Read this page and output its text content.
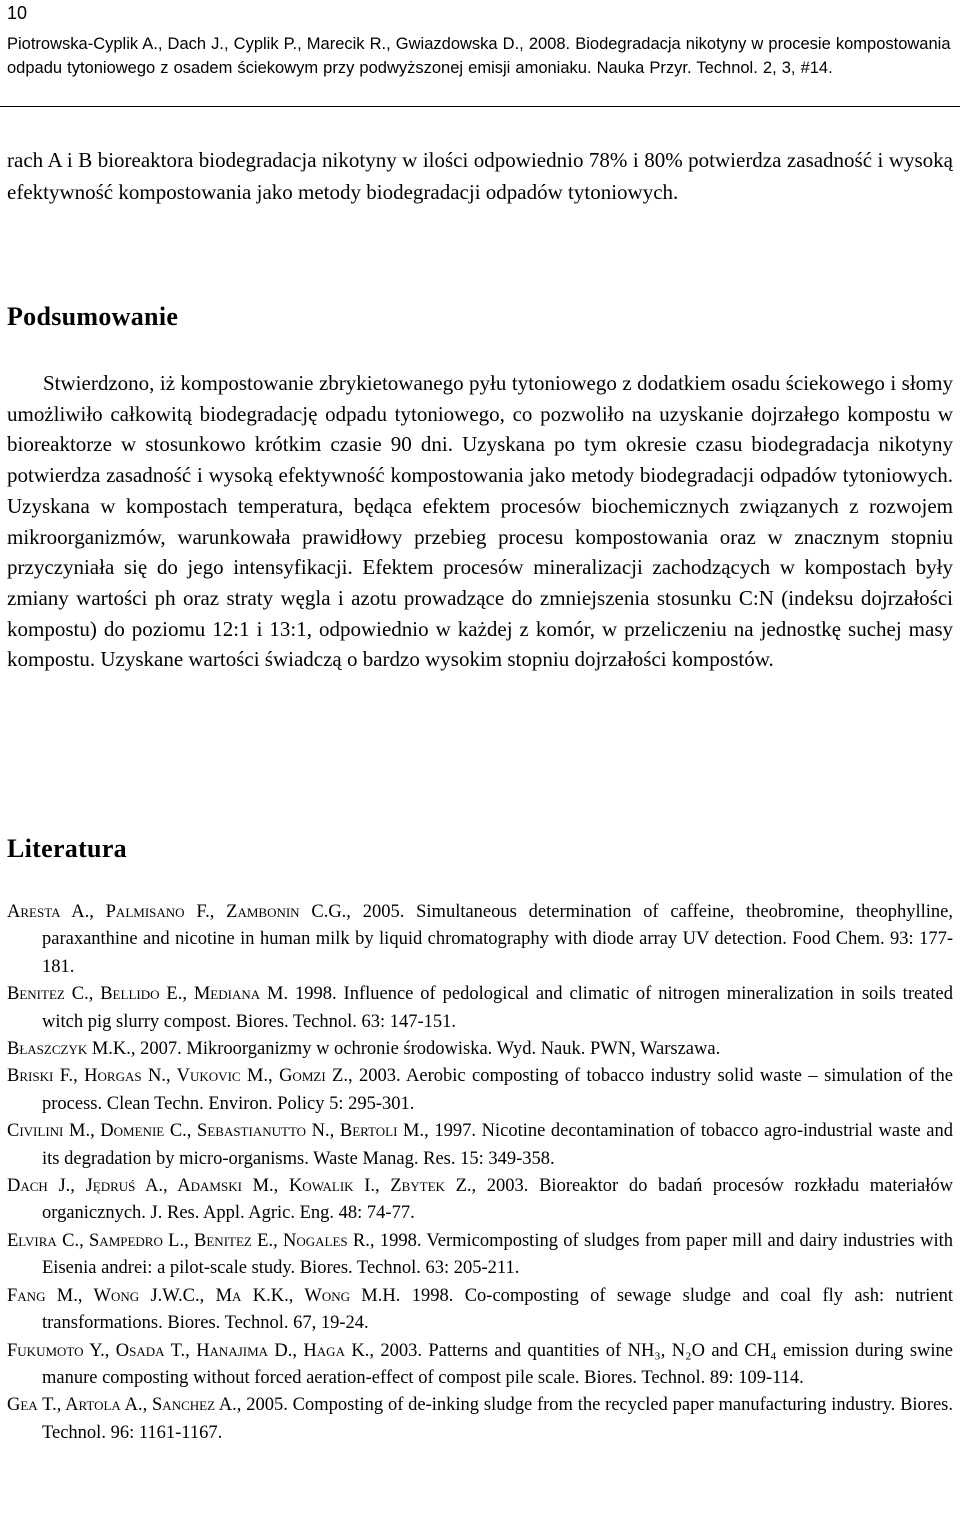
10
Piotrowska-Cyplik A., Dach J., Cyplik P., Marecik R., Gwiazdowska D., 2008. Biodegradacja nikotyny w procesie kompostowania odpadu tytoniowego z osadem ściekowym przy podwyższonej emisji amoniaku. Nauka Przyr. Technol. 2, 3, #14.
rach A i B bioreaktora biodegradacja nikotyny w ilości odpowiednio 78% i 80% potwierdza zasadność i wysoką efektywność kompostowania jako metody biodegradacji odpadów tytoniowych.
Podsumowanie
Stwierdzono, iż kompostowanie zbrykietowanego pyłu tytoniowego z dodatkiem osadu ściekowego i słomy umożliwiło całkowitą biodegradację odpadu tytoniowego, co pozwoliło na uzyskanie dojrzałego kompostu w bioreaktorze w stosunkowo krótkim czasie 90 dni. Uzyskana po tym okresie czasu biodegradacja nikotyny potwierdza zasadność i wysoką efektywność kompostowania jako metody biodegradacji odpadów tytoniowych. Uzyskana w kompostach temperatura, będąca efektem procesów biochemicznych związanych z rozwojem mikroorganizmów, warunkowała prawidłowy przebieg procesu kompostowania oraz w znacznym stopniu przyczyniała się do jego intensyfikacji. Efektem procesów mineralizacji zachodzących w kompostach były zmiany wartości ph oraz straty węgla i azotu prowadzące do zmniejszenia stosunku C:N (indeksu dojrzałości kompostu) do poziomu 12:1 i 13:1, odpowiednio w każdej z komór, w przeliczeniu na jednostkę suchej masy kompostu. Uzyskane wartości świadczą o bardzo wysokim stopniu dojrzałości kompostów.
Literatura
Aresta A., Palmisano F., Zambonin C.G., 2005. Simultaneous determination of caffeine, theobromine, theophylline, paraxanthine and nicotine in human milk by liquid chromatography with diode array UV detection. Food Chem. 93: 177-181.
Benitez C., Bellido E., Mediana M. 1998. Influence of pedological and climatic of nitrogen mineralization in soils treated witch pig slurry compost. Biores. Technol. 63: 147-151.
Błaszczyk M.K., 2007. Mikroorganizmy w ochronie środowiska. Wyd. Nauk. PWN, Warszawa.
Briski F., Horgas N., Vukovic M., Gomzi Z., 2003. Aerobic composting of tobacco industry solid waste – simulation of the process. Clean Techn. Environ. Policy 5: 295-301.
Civilini M., Domenie C., Sebastianutto N., Bertoli M., 1997. Nicotine decontamination of tobacco agro-industrial waste and its degradation by micro-organisms. Waste Manag. Res. 15: 349-358.
Dach J., Jędruś A., Adamski M., Kowalik I., Zbytek Z., 2003. Bioreaktor do badań procesów rozkładu materiałów organicznych. J. Res. Appl. Agric. Eng. 48: 74-77.
Elvira C., Sampedro L., Benitez E., Nogales R., 1998. Vermicomposting of sludges from paper mill and dairy industries with Eisenia andrei: a pilot-scale study. Biores. Technol. 63: 205-211.
Fang M., Wong J.W.C., Ma K.K., Wong M.H. 1998. Co-composting of sewage sludge and coal fly ash: nutrient transformations. Biores. Technol. 67, 19-24.
Fukumoto Y., Osada T., Hanajima D., Haga K., 2003. Patterns and quantities of NH₃, N₂O and CH₄ emission during swine manure composting without forced aeration-effect of compost pile scale. Biores. Technol. 89: 109-114.
Gea T., Artola A., Sanchez A., 2005. Composting of de-inking sludge from the recycled paper manufacturing industry. Biores. Technol. 96: 1161-1167.
